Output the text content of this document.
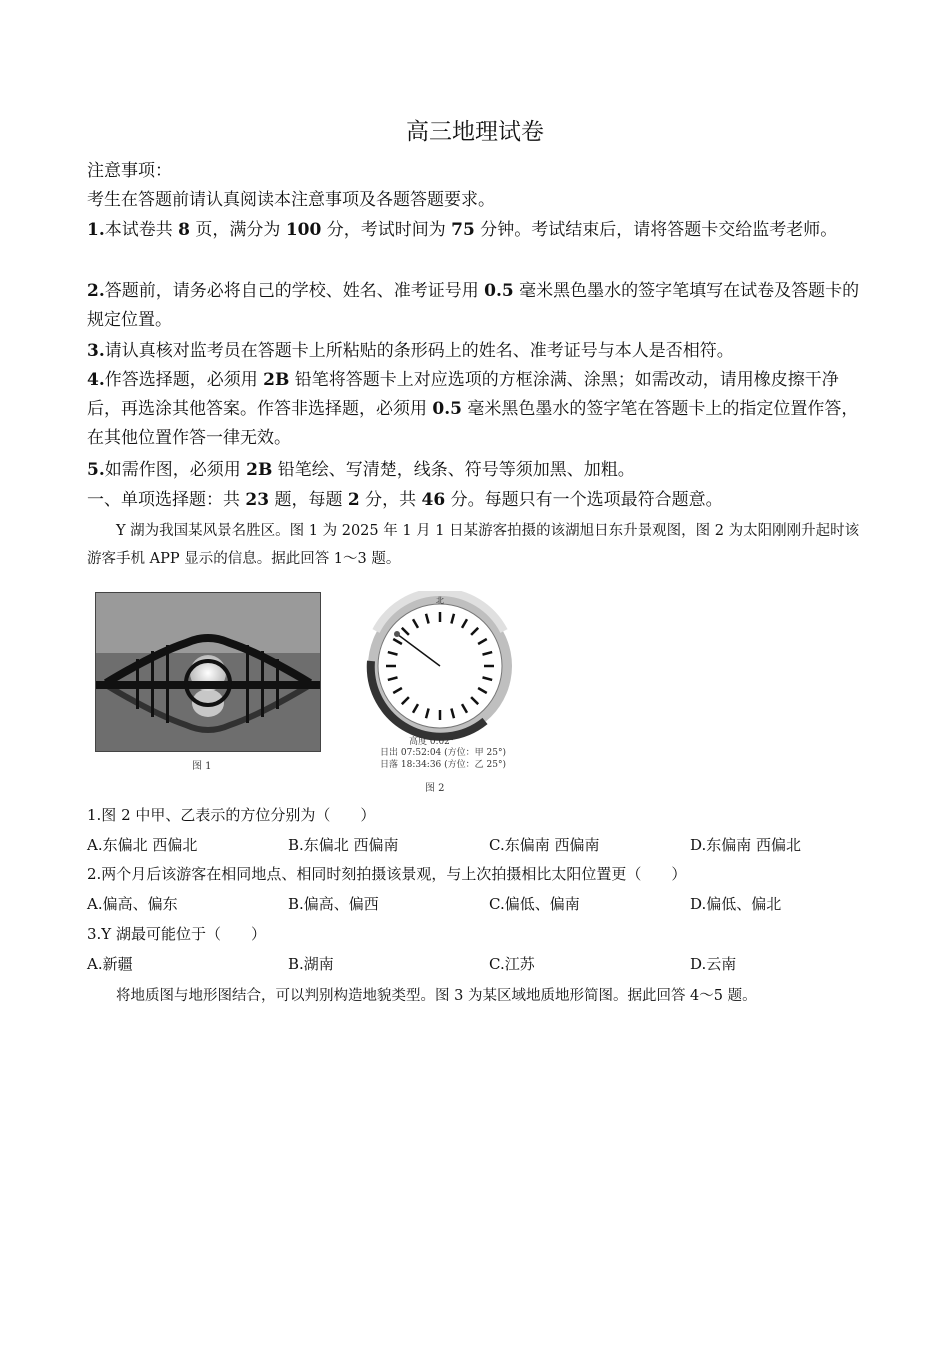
高三地理试卷

注意事项：

考生在答题前请认真阅读本注意事项及各题答题要求。

1.本试卷共 8 页，满分为 100 分，考试时间为 75 分钟。考试结束后，请将答题卡交给监考老师。

2.答题前，请务必将自己的学校、姓名、准考证号用 0.5 毫米黑色墨水的签字笔填写在试卷及答题卡的规定位置。

3.请认真核对监考员在答题卡上所粘贴的条形码上的姓名、准考证号与本人是否相符。

4.作答选择题，必须用 2B 铅笔将答题卡上对应选项的方框涂满、涂黑；如需改动，请用橡皮擦干净后，再选涂其他答案。作答非选择题，必须用 0.5 毫米黑色墨水的签字笔在答题卡上的指定位置作答，在其他位置作答一律无效。

5.如需作图，必须用 2B 铅笔绘、写清楚，线条、符号等须加黑、加粗。

一、单项选择题：共 23 题，每题 2 分，共 46 分。每题只有一个选项最符合题意。

Y 湖为我国某风景名胜区。图 1 为 2025 年 1 月 1 日某游客拍摄的该湖旭日东升景观图，图 2 为太阳刚刚升起时该游客手机 APP 显示的信息。据此回答 1～3 题。

图 1
北
高度 0.02°
日出 07:52:04 (方位：甲 25°)
日落 18:34:36 (方位：乙 25°)
图 2
1.图 2 中甲、乙表示的方位分别为（　　）
A.东偏北 西偏北	B.东偏北 西偏南	C.东偏南 西偏南	D.东偏南 西偏北
2.两个月后该游客在相同地点、相同时刻拍摄该景观，与上次拍摄相比太阳位置更（　　）
A.偏高、偏东	B.偏高、偏西	C.偏低、偏南	D.偏低、偏北
3.Y 湖最可能位于（　　）
A.新疆	B.湖南	C.江苏	D.云南

将地质图与地形图结合，可以判别构造地貌类型。图 3 为某区域地质地形简图。据此回答 4～5 题。
